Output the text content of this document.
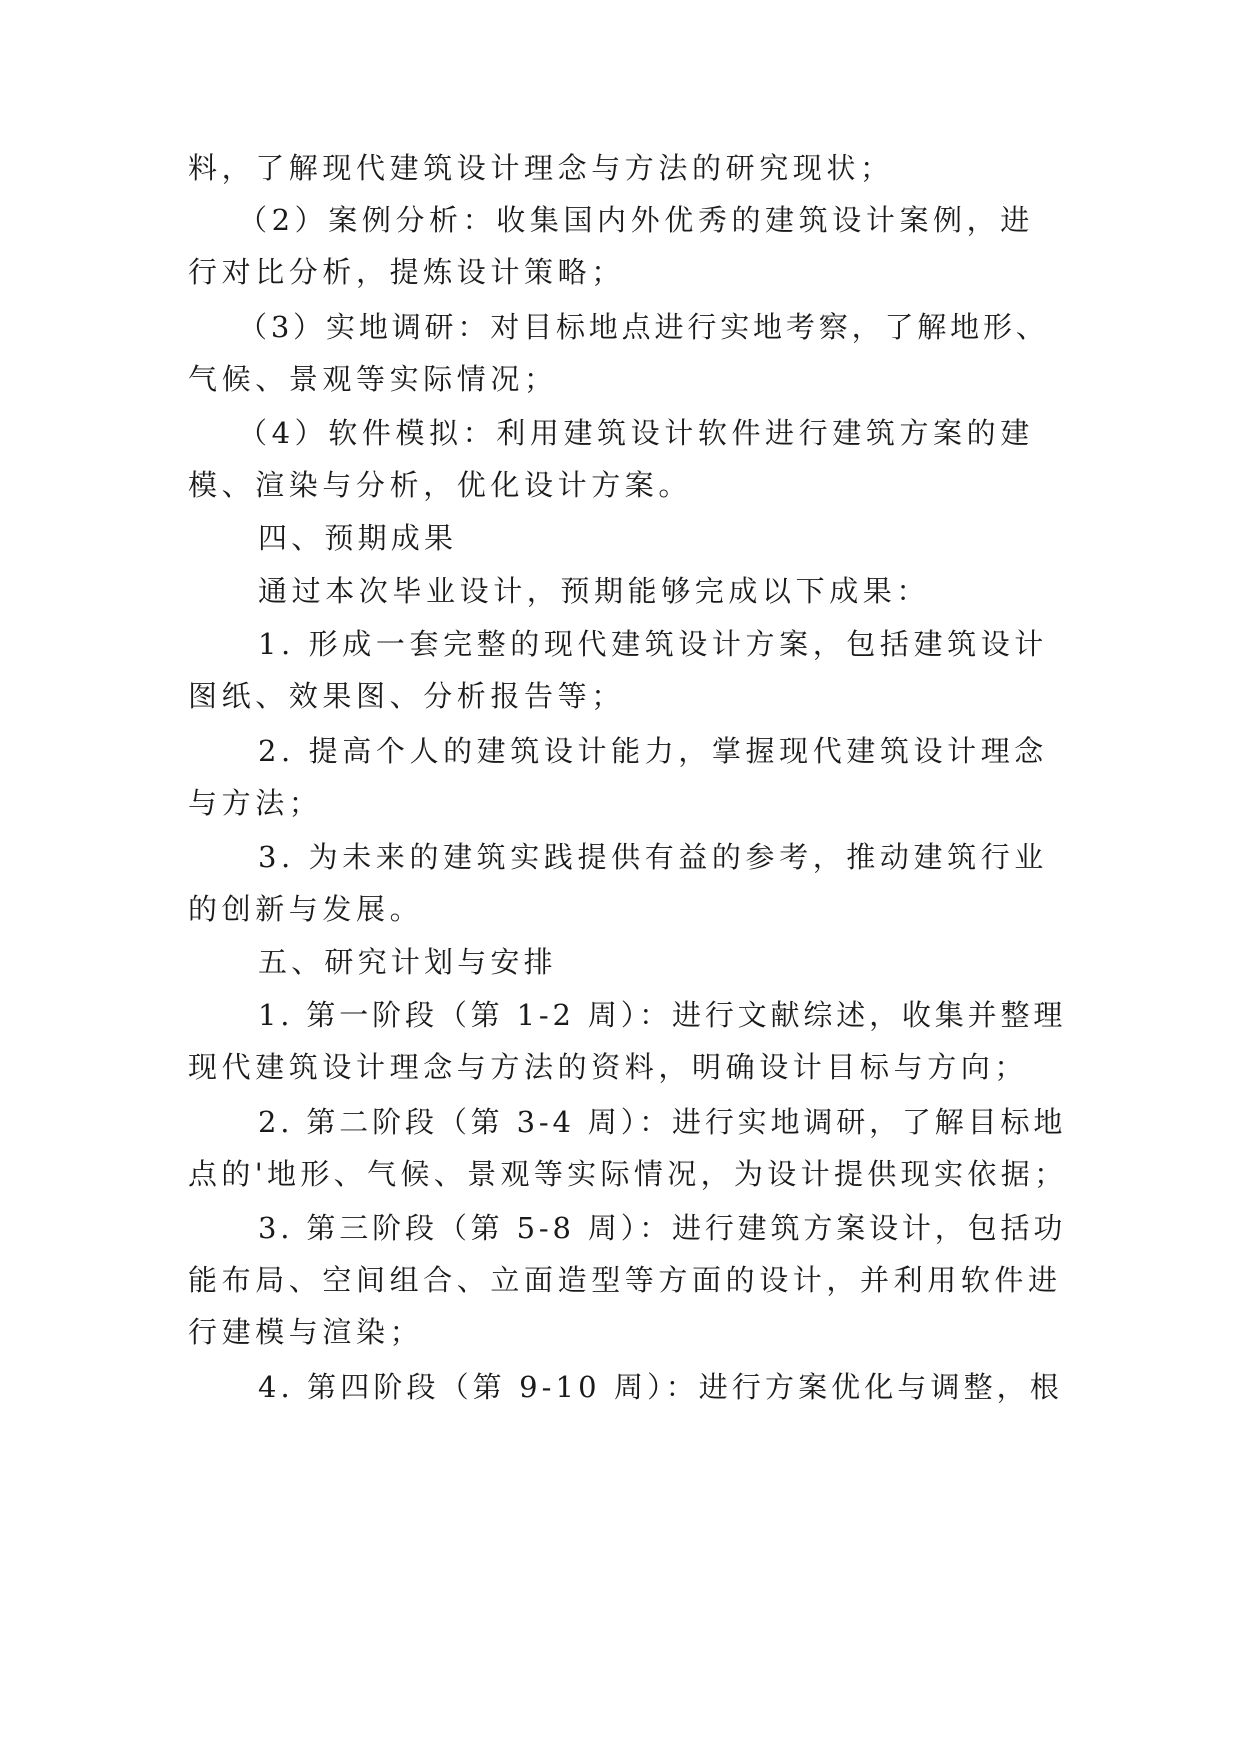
料，了解现代建筑设计理念与方法的研究现状；
（2）案例分析：收集国内外优秀的建筑设计案例，进
行对比分析，提炼设计策略；
（3）实地调研：对目标地点进行实地考察，了解地形、
气候、景观等实际情况；
（4）软件模拟：利用建筑设计软件进行建筑方案的建
模、渲染与分析，优化设计方案。
四、预期成果
通过本次毕业设计，预期能够完成以下成果：
1. 形成一套完整的现代建筑设计方案，包括建筑设计
图纸、效果图、分析报告等；
2. 提高个人的建筑设计能力，掌握现代建筑设计理念
与方法；
3. 为未来的建筑实践提供有益的参考，推动建筑行业
的创新与发展。
五、研究计划与安排
1. 第一阶段（第 1-2 周）：进行文献综述，收集并整理
现代建筑设计理念与方法的资料，明确设计目标与方向；
2. 第二阶段（第 3-4 周）：进行实地调研，了解目标地
点的'地形、气候、景观等实际情况，为设计提供现实依据；
3. 第三阶段（第 5-8 周）：进行建筑方案设计，包括功
能布局、空间组合、立面造型等方面的设计，并利用软件进
行建模与渲染；
4. 第四阶段（第 9-10 周）：进行方案优化与调整，根
